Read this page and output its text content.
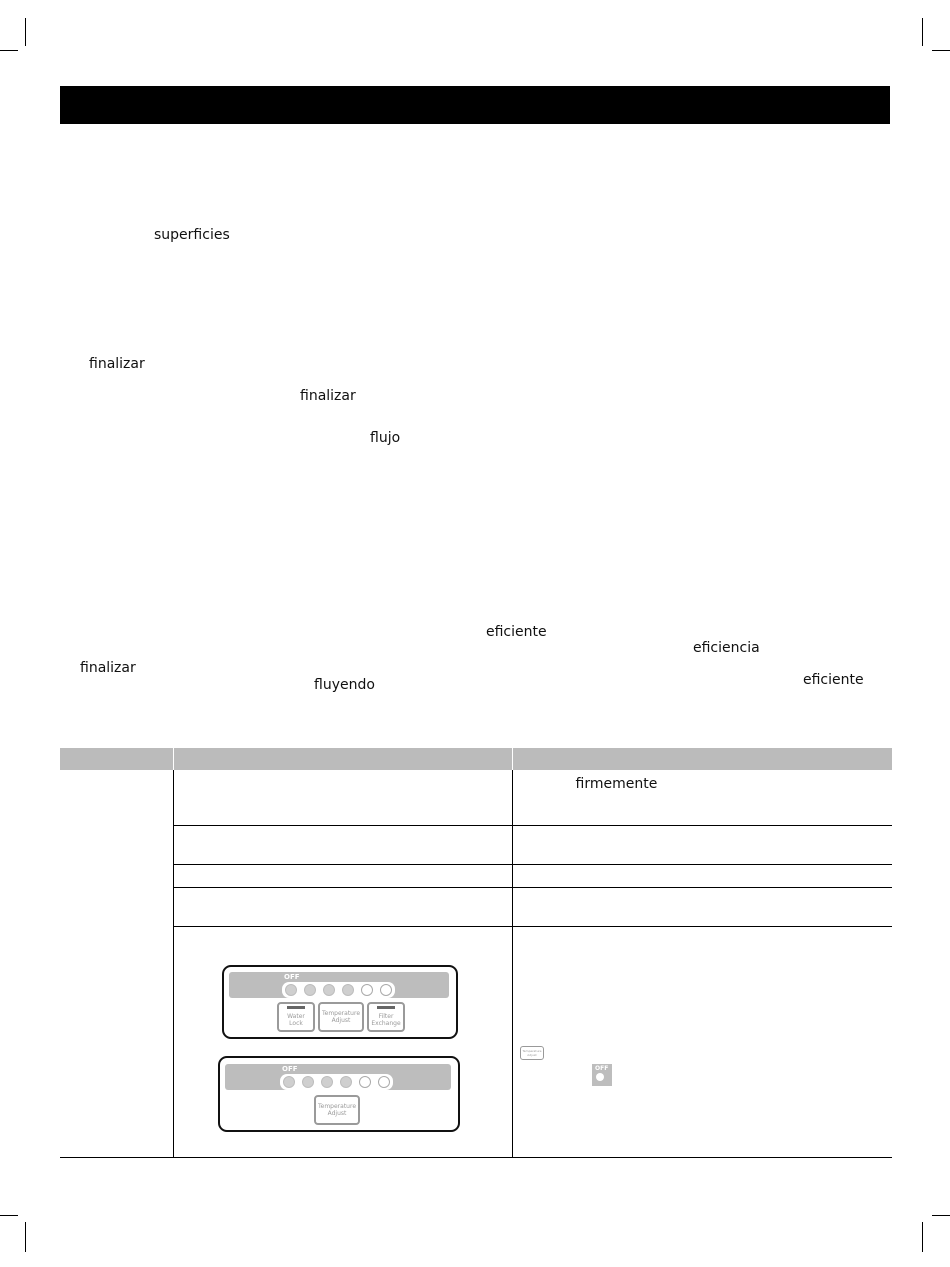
superficies
finalizar
finalizar
flujo
eficiente
eficiencia
finalizar
fluyendo	eficiente

		firmemente

OFF
Water Lock
Temperature Adjust
Filter Exchange
OFF
Temperature Adjust
Temperature Adjust
OFF
